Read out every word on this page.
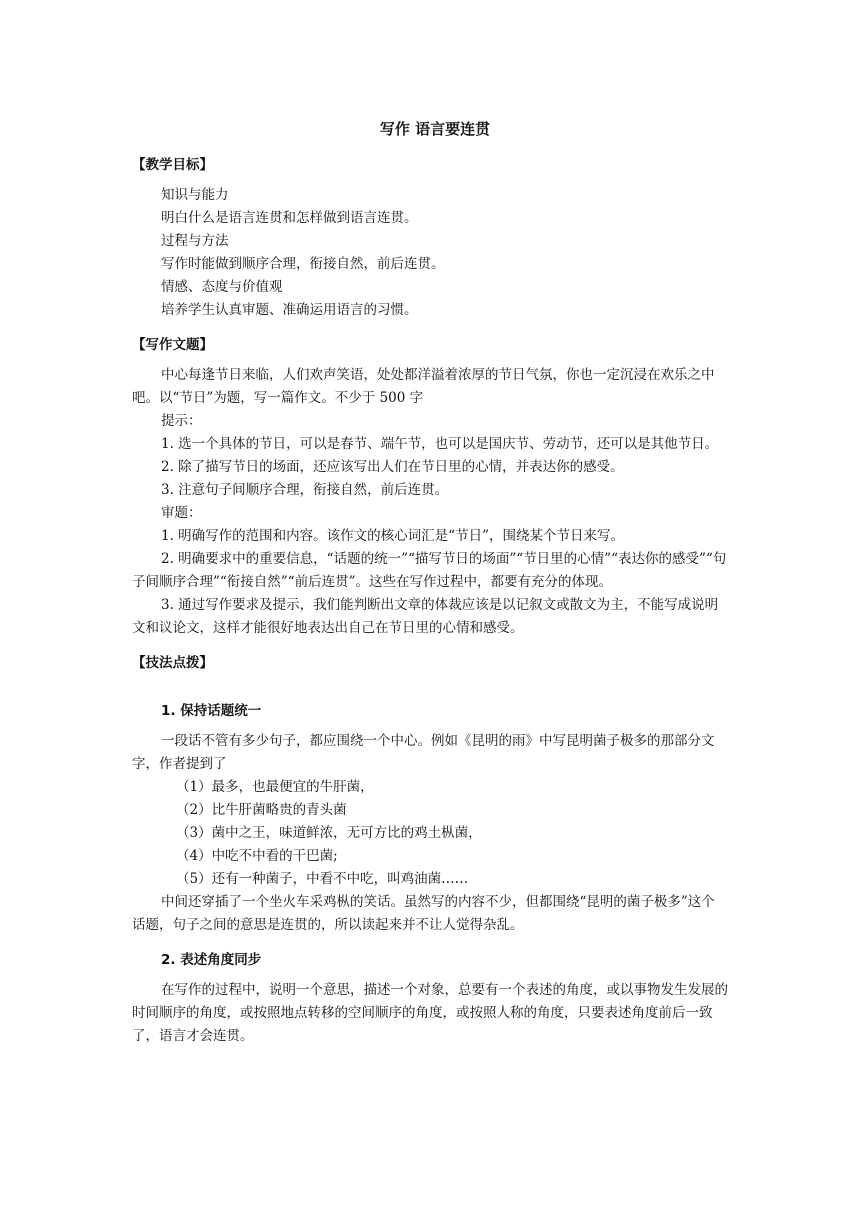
写作 语言要连贯
【教学目标】

知识与能力

明白什么是语言连贯和怎样做到语言连贯。

过程与方法

写作时能做到顺序合理，衔接自然，前后连贯。

情感、态度与价值观

培养学生认真审题、准确运用语言的习惯。

【写作文题】

中心每逢节日来临，人们欢声笑语，处处都洋溢着浓厚的节日气氛，你也一定沉浸在欢乐之中吧。以“节日”为题，写一篇作文。不少于 500 字

提示：

1. 选一个具体的节日，可以是春节、端午节，也可以是国庆节、劳动节，还可以是其他节日。

2. 除了描写节日的场面，还应该写出人们在节日里的心情，并表达你的感受。

3. 注意句子间顺序合理，衔接自然，前后连贯。

审题：

1. 明确写作的范围和内容。该作文的核心词汇是“节日”，围绕某个节日来写。

2. 明确要求中的重要信息，“话题的统一”“描写节日的场面”“节日里的心情”“表达你的感受”“句子间顺序合理”“衔接自然”“前后连贯”。这些在写作过程中，都要有充分的体现。

3. 通过写作要求及提示，我们能判断出文章的体裁应该是以记叙文或散文为主，不能写成说明文和议论文，这样才能很好地表达出自己在节日里的心情和感受。

【技法点拨】
1. 保持话题统一

一段话不管有多少句子，都应围绕一个中心。例如《昆明的雨》中写昆明菌子极多的那部分文字，作者提到了

（1）最多，也最便宜的牛肝菌，

（2）比牛肝菌略贵的青头菌

（3）菌中之王，味道鲜浓，无可方比的鸡土枞菌，

（4）中吃不中看的干巴菌;

（5）还有一种菌子，中看不中吃，叫鸡油菌……

中间还穿插了一个坐火车采鸡枞的笑话。虽然写的内容不少，但都围绕“昆明的菌子极多”这个话题，句子之间的意思是连贯的，所以读起来并不让人觉得杂乱。

2. 表述角度同步

在写作的过程中，说明一个意思，描述一个对象，总要有一个表述的角度，或以事物发生发展的时间顺序的角度，或按照地点转移的空间顺序的角度，或按照人称的角度，只要表述角度前后一致了，语言才会连贯。
